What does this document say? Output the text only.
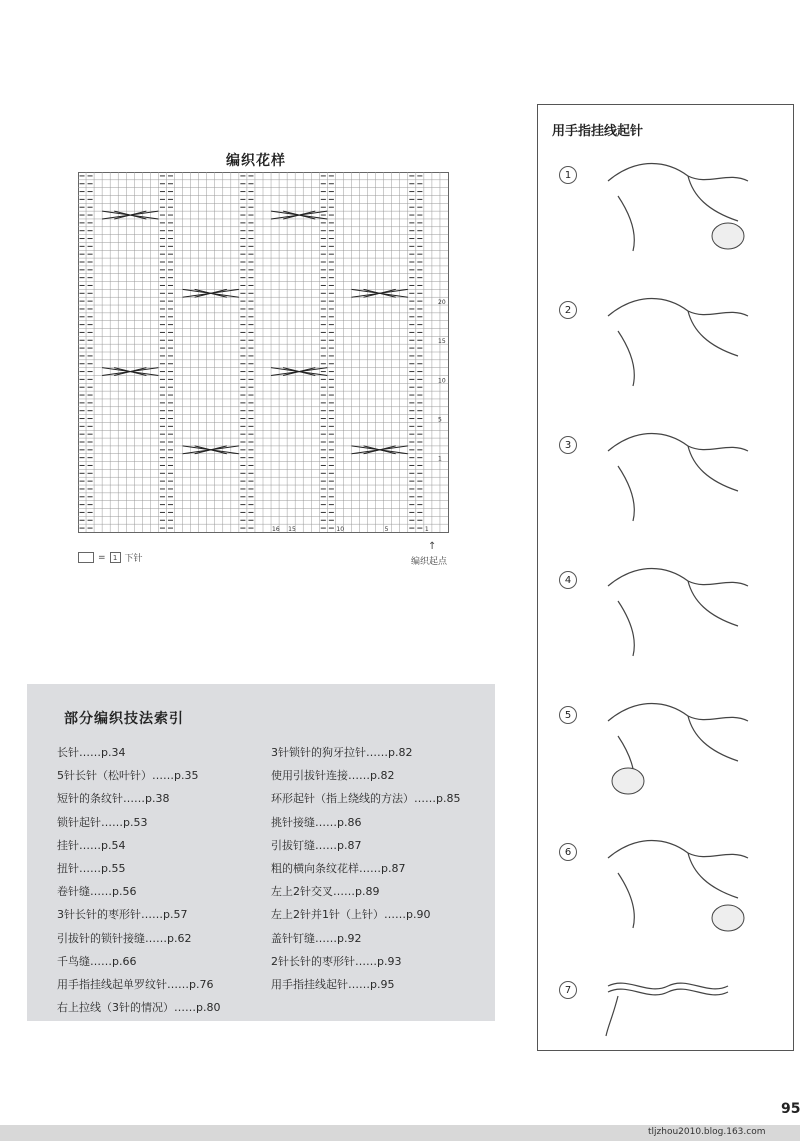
编织花样
20
15
10
5
1
16 15	10	5	1
= 1 下针
↑
编织起点
部分编织技法索引
长针……p.34
5针长针（松叶针）……p.35
短针的条纹针……p.38
锁针起针……p.53
挂针……p.54
扭针……p.55
卷针缝……p.56
3针长针的枣形针……p.57
引拔针的锁针接缝……p.62
千鸟缝……p.66
用手指挂线起单罗纹针……p.76
右上拉线（3针的情况）……p.80
3针锁针的狗牙拉针……p.82
使用引拔针连接……p.82
环形起针（指上绕线的方法）……p.85
挑针接缝……p.86
引拔钉缝……p.87
粗的横向条纹花样……p.87
左上2针交叉……p.89
左上2针并1针（上针）……p.90
盖针钉缝……p.92
2针长针的枣形针……p.93
用手指挂线起针……p.95
用手指挂线起针
1
2
3
4
5
6
7
95
tljzhou2010.blog.163.com
